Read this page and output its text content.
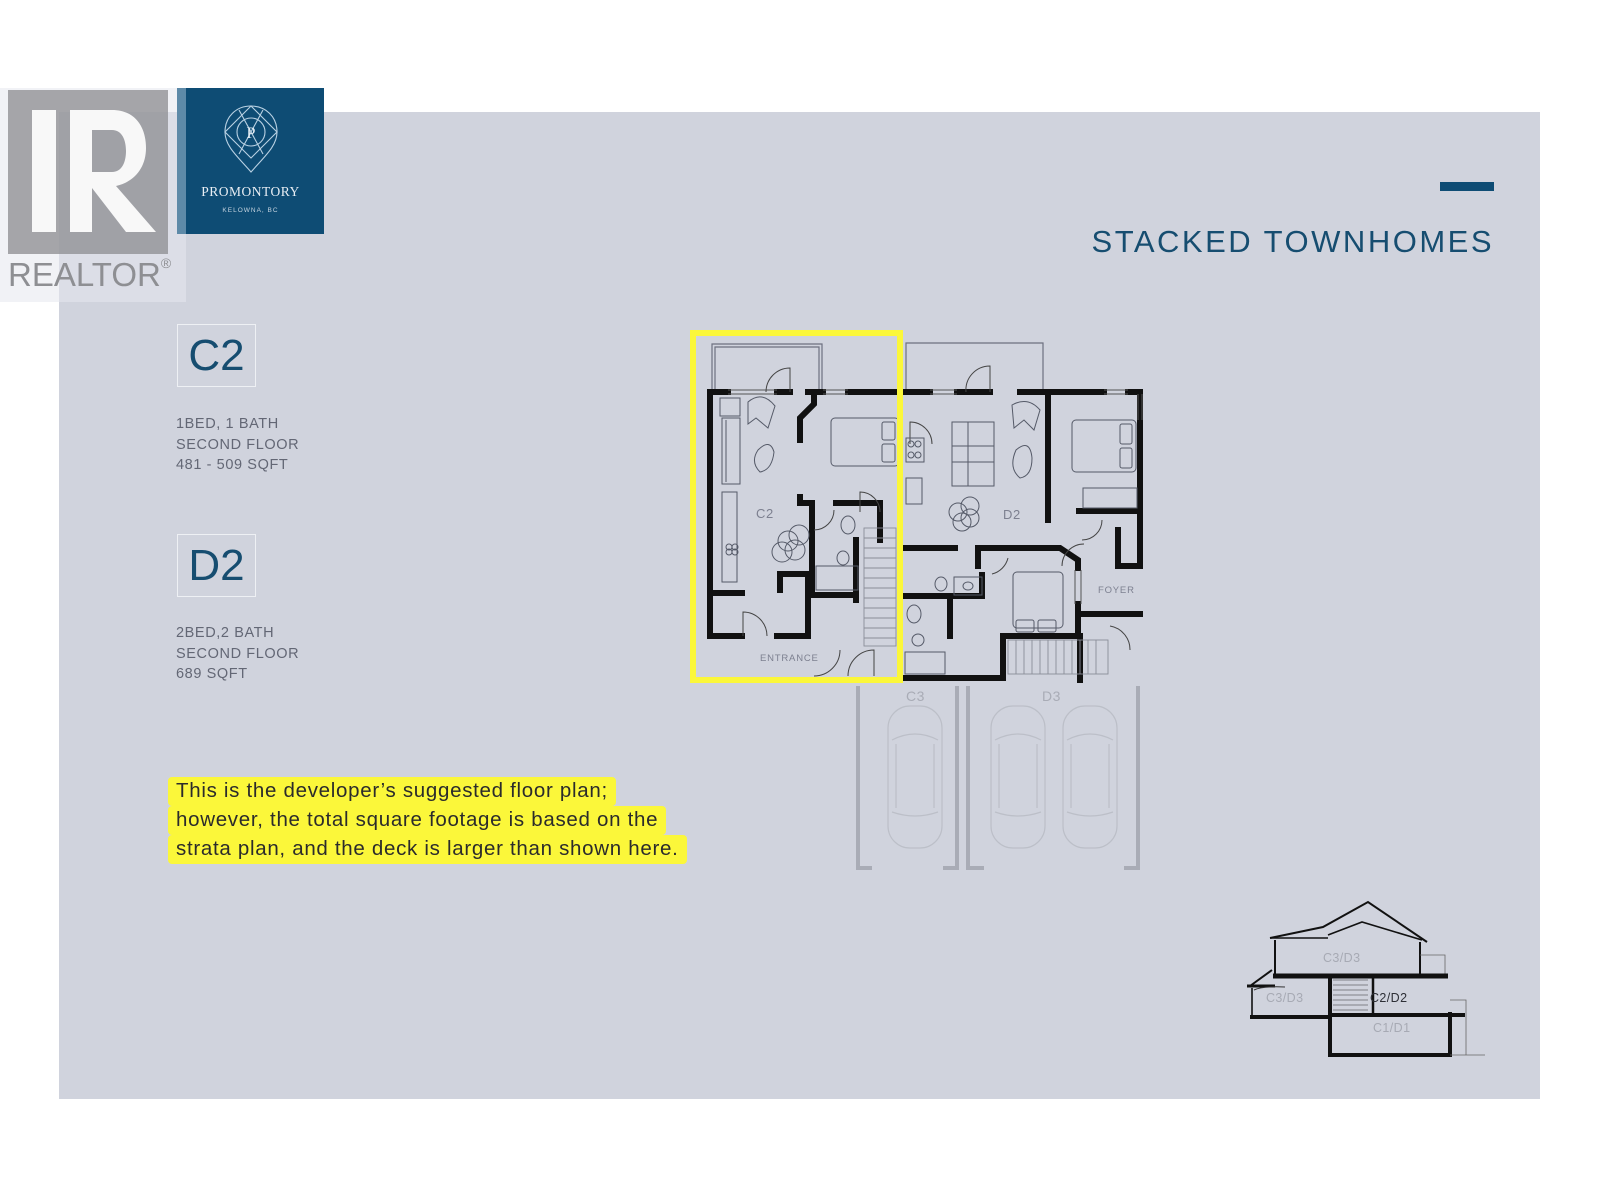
REALTOR®
P
PROMONTORY
KELOWNA, BC
STACKED TOWNHOMES
C2
1BED, 1 BATH
SECOND FLOOR
481 - 509 SQFT
D2
2BED,2 BATH
SECOND FLOOR
689 SQFT
This is the developer’s suggested floor plan;
however, the total square footage is based on the
strata plan, and the deck is larger than shown here.
C2	D2
ENTRANCE
FOYER
C3	D3
C3/D3
C3/D3	C2/D2
C1/D1
